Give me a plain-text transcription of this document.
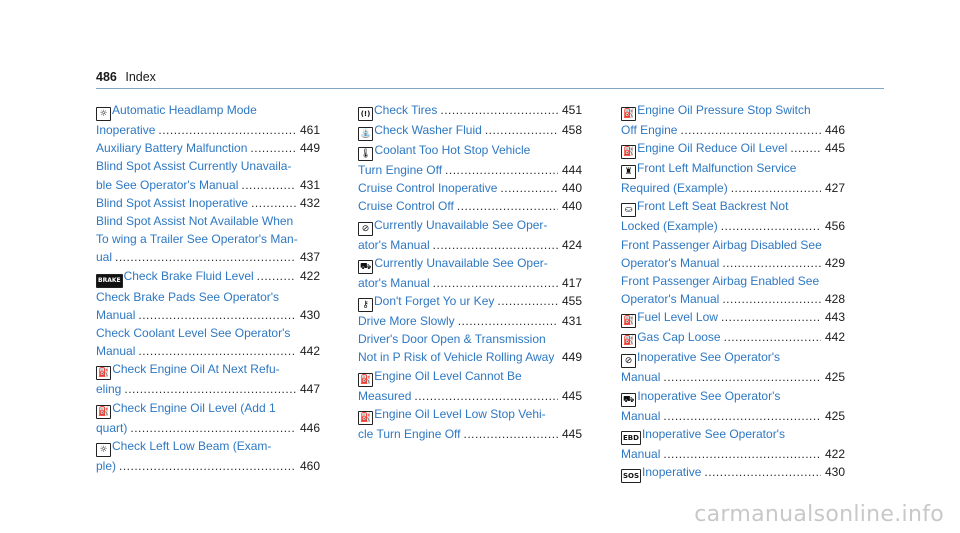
486 Index
☼ Automatic Headlamp Mode
Inoperative .....	461
Auxiliary Battery Malfunction .....	449
Blind Spot Assist Currently Unavaila-
ble See Operator's Manual .....	431
Blind Spot Assist Inoperative .....	432
Blind Spot Assist Not Available When
To wing a Trailer See Operator's Man-
ual .....	437
BRAKE Check Brake Fluid Level .....	422
Check Brake Pads See Operator's
Manual .....	430
Check Coolant Level See Operator's
Manual .....	442
⛽ Check Engine Oil At Next Refu-
eling .....	447
⛽ Check Engine Oil Level (Add 1
quart) .....	446
☼ Check Left Low Beam (Exam-
ple) .....	460
(!) Check Tires .....	451
⛲ Check Washer Fluid .....	458
🌡 Coolant Too Hot Stop Vehicle
Turn Engine Off .....	444
Cruise Control Inoperative .....	440
Cruise Control Off .....	440
⊘ Currently Unavailable See Oper-
ator's Manual .....	424
⛟ Currently Unavailable See Oper-
ator's Manual .....	417
⚷ Don't Forget Yo ur Key .....	455
Drive More Slowly .....	431
Driver's Door Open & Transmission
Not in P Risk of Vehicle Rolling Away ..... 449
⛽ Engine Oil Level Cannot Be
Measured .....	445
⛽ Engine Oil Level Low Stop Vehi-
cle Turn Engine Off .....	445
⛽ Engine Oil Pressure Stop Switch
Off Engine .....	446
⛽ Engine Oil Reduce Oil Level .....	445
♜ Front Left Malfunction Service
Required (Example) .....	427
⛀ Front Left Seat Backrest Not
Locked (Example) .....	456
Front Passenger Airbag Disabled See
Operator's Manual .....	429
Front Passenger Airbag Enabled See
Operator's Manual .....	428
⛽ Fuel Level Low .....	443
⛽ Gas Cap Loose .....	442
⊘ Inoperative See Operator's
Manual .....	425
⛟ Inoperative See Operator's
Manual .....	425
EBD Inoperative See Operator's
Manual .....	422
SOS Inoperative .....	430
carmanualsonline.info
